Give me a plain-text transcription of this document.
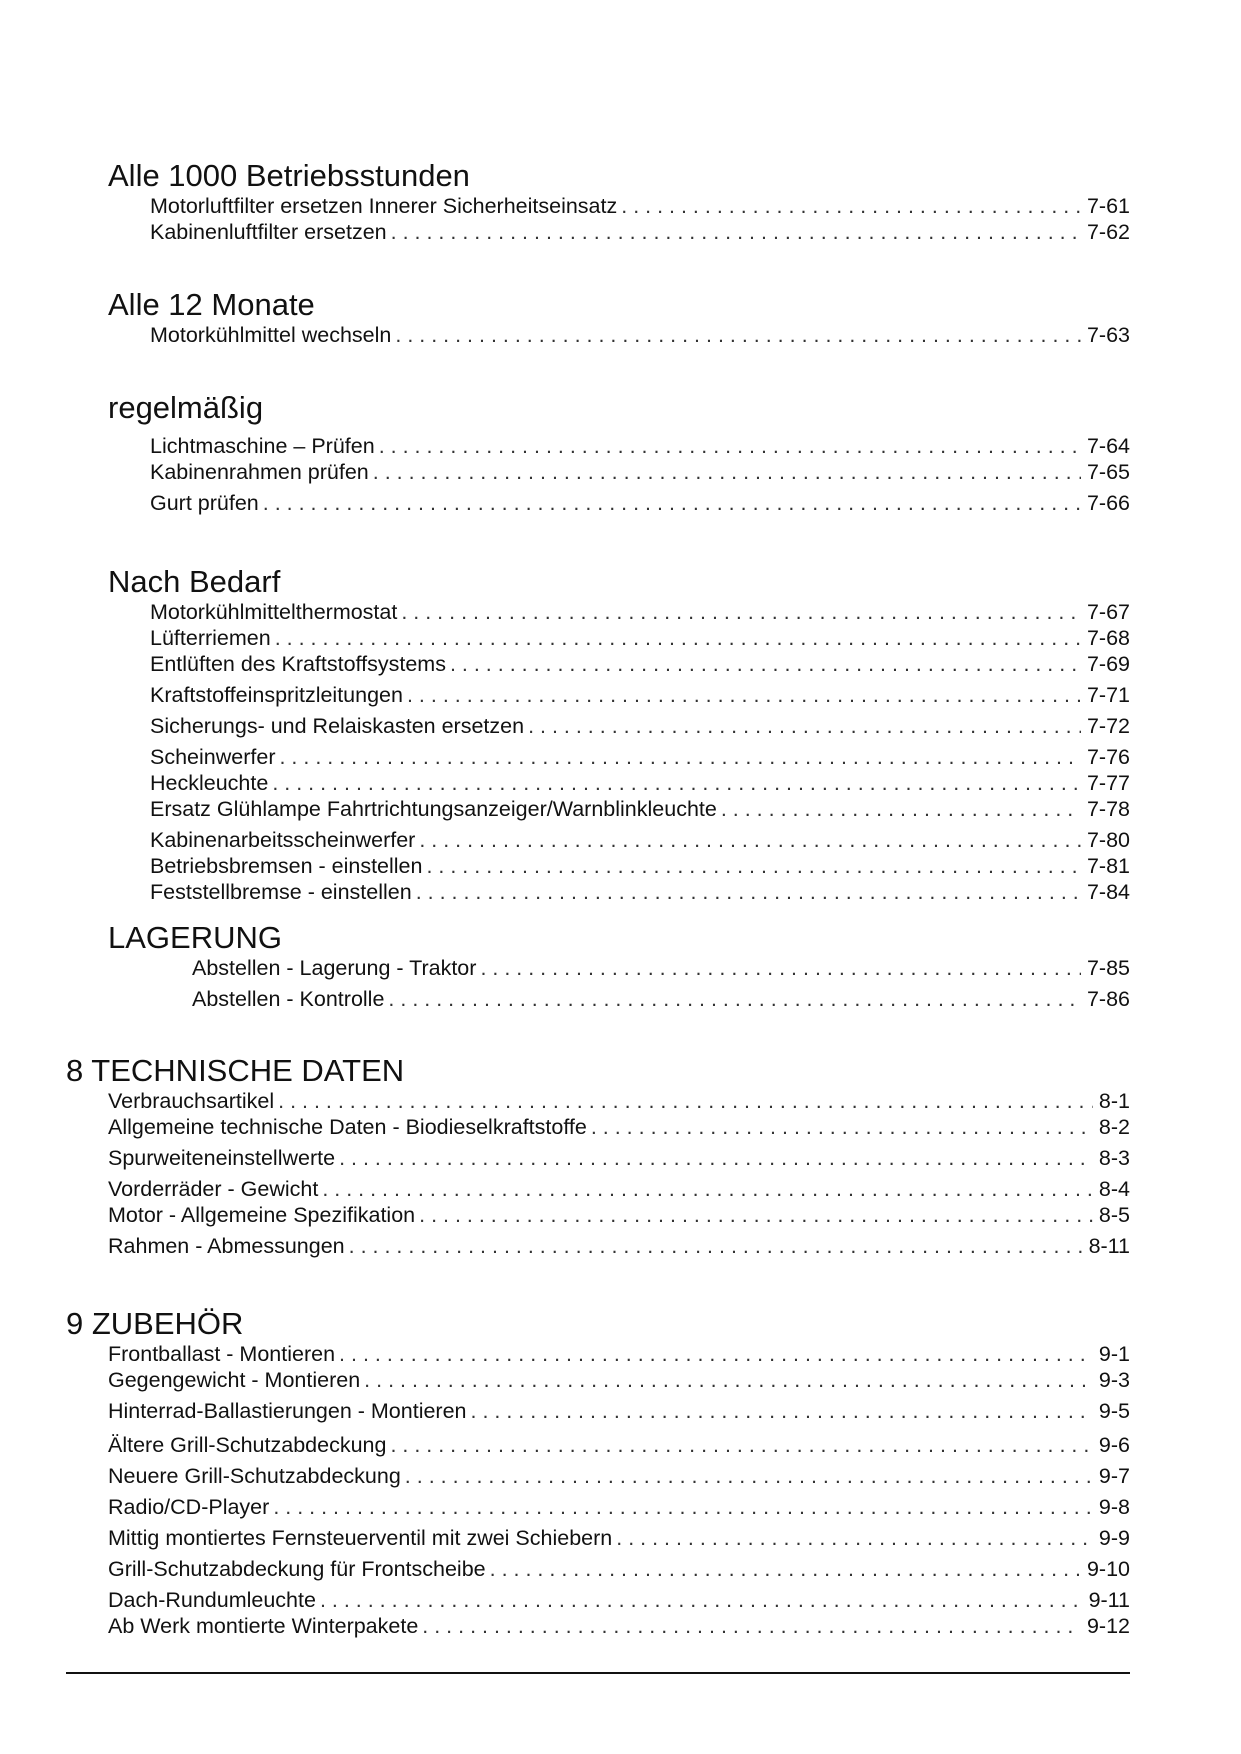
Alle 1000 Betriebsstunden
Motorluftfilter ersetzen Innerer Sicherheitseinsatz . . .	7-61
Kabinenluftfilter ersetzen . . .	7-62
Alle 12 Monate
Motorkühlmittel wechseln . . .	7-63
regelmäßig
Lichtmaschine – Prüfen . . .	7-64
Kabinenrahmen prüfen . . .	7-65
Gurt prüfen . . .	7-66
Nach Bedarf
Motorkühlmittelthermostat . . .	7-67
Lüfterriemen . . .	7-68
Entlüften des Kraftstoffsystems . . .	7-69
Kraftstoffeinspritzleitungen . . .	7-71
Sicherungs- und Relaiskasten ersetzen . . .	7-72
Scheinwerfer . . .	7-76
Heckleuchte . . .	7-77
Ersatz Glühlampe Fahrtrichtungsanzeiger/Warnblinkleuchte . . .	7-78
Kabinenarbeitsscheinwerfer . . .	7-80
Betriebsbremsen - einstellen . . .	7-81
Feststellbremse - einstellen . . .	7-84
LAGERUNG
Abstellen - Lagerung - Traktor . . .	7-85
Abstellen - Kontrolle . . .	7-86
8 TECHNISCHE DATEN
Verbrauchsartikel . . .	8-1
Allgemeine technische Daten - Biodieselkraftstoffe . . .	8-2
Spurweiteneinstellwerte . . .	8-3
Vorderräder - Gewicht . . .	8-4
Motor - Allgemeine Spezifikation . . .	8-5
Rahmen - Abmessungen . . .	8-11
9 ZUBEHÖR
Frontballast - Montieren . . .	9-1
Gegengewicht - Montieren . . .	9-3
Hinterrad-Ballastierungen - Montieren . . .	9-5
Ältere Grill-Schutzabdeckung . . .	9-6
Neuere Grill-Schutzabdeckung . . .	9-7
Radio/CD-Player . . .	9-8
Mittig montiertes Fernsteuerventil mit zwei Schiebern . . .	9-9
Grill-Schutzabdeckung für Frontscheibe . . .	9-10
Dach-Rundumleuchte . . .	9-11
Ab Werk montierte Winterpakete . . .	9-12
